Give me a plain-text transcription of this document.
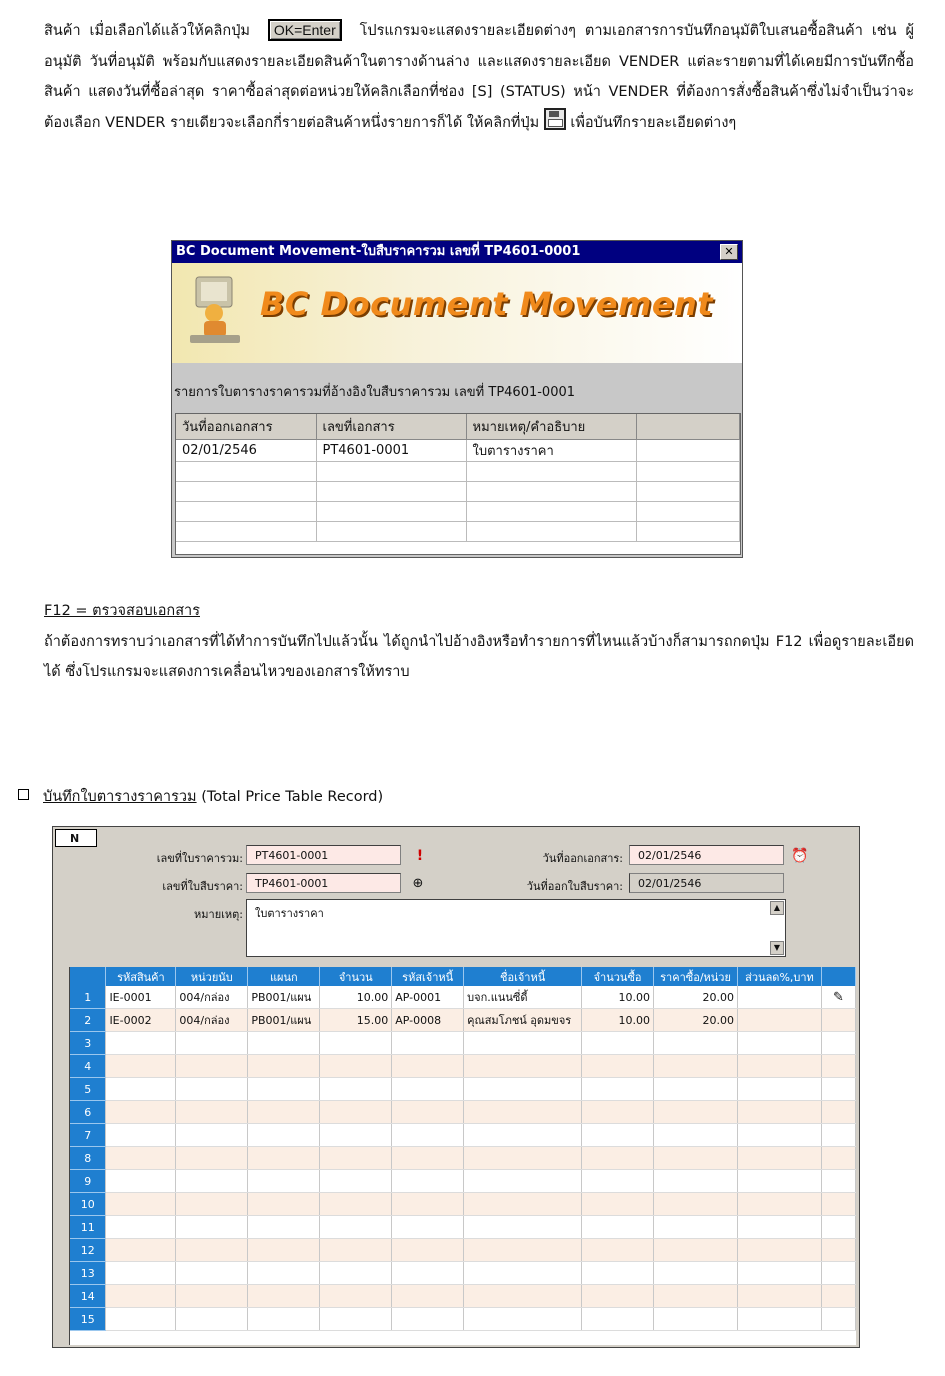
สินค้า เมื่อเลือกได้แล้วให้คลิกปุ่ม OK=Enter โปรแกรมจะแสดงรายละเอียดต่างๆ ตามเอกสารการบันทึกอนุมัติใบเสนอซื้อสินค้า เช่น ผู้อนุมัติ วันที่อนุมัติ พร้อมกับแสดงรายละเอียดสินค้าในตารางด้านล่าง และแสดงรายละเอียด VENDER แต่ละรายตามที่ได้เคยมีการบันทึกซื้อสินค้า แสดงวันที่ซื้อล่าสุด ราคาซื้อล่าสุดต่อหน่วยให้คลิกเลือกที่ช่อง [S] (STATUS) หน้า VENDER ที่ต้องการสั่งซื้อสินค้าซึ่งไม่จำเป็นว่าจะต้องเลือก VENDER รายเดียวจะเลือกกี่รายต่อสินค้าหนึ่งรายการก็ได้ ให้คลิกที่ปุ่ม เพื่อบันทึกรายละเอียดต่างๆ
BC Document Movement-ใบสืบราคารวม เลขที่ TP4601-0001	✕
BC Document Movement
รายการใบตารางราคารวมที่อ้างอิงใบสืบราคารวม เลขที่ TP4601-0001
วันที่ออกเอกสาร	เลขที่เอกสาร	หมายเหตุ/คำอธิบาย	
02/01/2546	PT4601-0001	ใบตารางราคา	

F12 = ตรวจสอบเอกสาร
ถ้าต้องการทราบว่าเอกสารที่ได้ทำการบันทึกไปแล้วนั้น ได้ถูกนำไปอ้างอิงหรือทำรายการที่ไหนแล้วบ้างก็สามารถกดปุ่ม F12 เพื่อดูรายละเอียดได้ ซึ่งโปรแกรมจะแสดงการเคลื่อนไหวของเอกสารให้ทราบ
บันทึกใบตารางราคารวม (Total Price Table Record)
N
เลขที่ใบราคารวม:	PT4601-0001	!
เลขที่ใบสืบราคา:	TP4601-0001	⊕
หมายเหตุ:	ใบตารางราคา	▲
▼
วันที่ออกเอกสาร:	02/01/2546	⏰
วันที่ออกใบสืบราคา:	02/01/2546
	รหัสสินค้า	หน่วยนับ	แผนก	จำนวน	รหัสเจ้าหนี้	ชื่อเจ้าหนี้	จำนวนซื้อ	ราคาซื้อ/หน่วย	ส่วนลด%,บาท	
1	IE-0001	004/กล่อง	PB001/แผน	10.00	AP-0001	บจก.แนนซี่ดี้	10.00	20.00		✎
2	IE-0002	004/กล่อง	PB001/แผน	15.00	AP-0008	คุณสมโภชน์ อุดมขจร	10.00	20.00		
3										
4										
5										
6										
7										
8										
9										
10										
11										
12										
13										
14										
15										
